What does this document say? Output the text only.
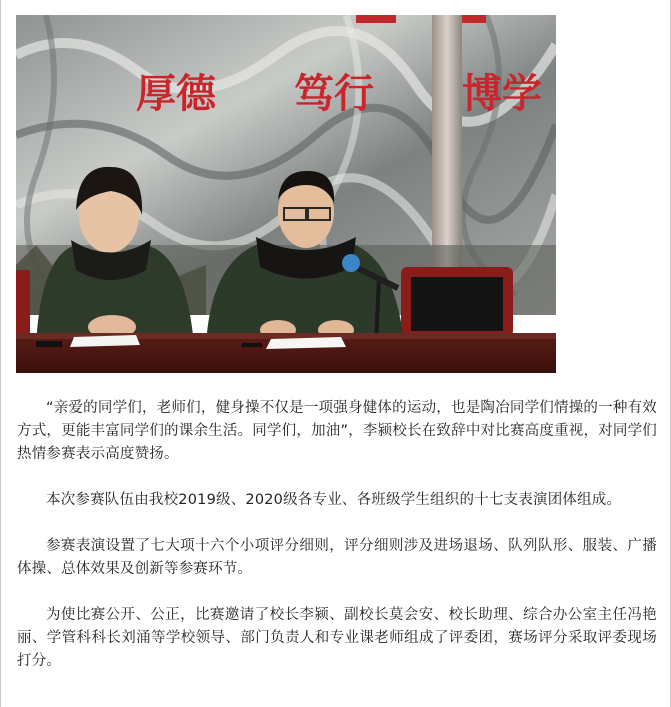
厚德 笃行 博学

“亲爱的同学们，老师们，健身操不仅是一项强身健体的运动，也是陶冶同学们情操的一种有效方式，更能丰富同学们的课余生活。同学们，加油”，李颍校长在致辞中对比赛高度重视，对同学们热情参赛表示高度赞扬。

本次参赛队伍由我校2019级、2020级各专业、各班级学生组织的十七支表演团体组成。

参赛表演设置了七大项十六个小项评分细则，评分细则涉及进场退场、队列队形、服装、广播体操、总体效果及创新等参赛环节。

为使比赛公开、公正，比赛邀请了校长李颍、副校长莫会安、校长助理、综合办公室主任冯艳丽、学管科科长刘涌等学校领导、部门负责人和专业课老师组成了评委团，赛场评分采取评委现场打分。
